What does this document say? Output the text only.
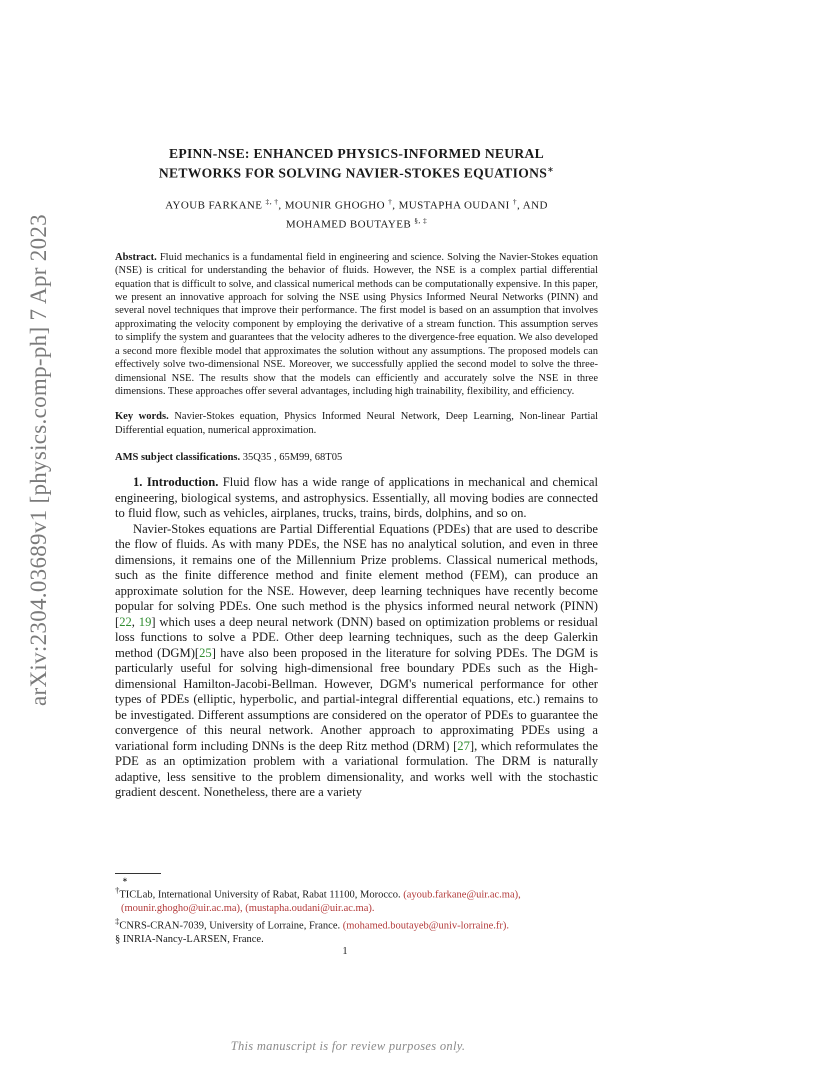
arXiv:2304.03689v1 [physics.comp-ph] 7 Apr 2023

EPINN-NSE: ENHANCED PHYSICS-INFORMED NEURAL
NETWORKS FOR SOLVING NAVIER-STOKES EQUATIONS∗

AYOUB FARKANE ‡, †, MOUNIR GHOGHO †, MUSTAPHA OUDANI †, AND
MOHAMED BOUTAYEB §, ‡

Abstract. Fluid mechanics is a fundamental field in engineering and science. Solving the Navier-Stokes equation (NSE) is critical for understanding the behavior of fluids. However, the NSE is a complex partial differential equation that is difficult to solve, and classical numerical methods can be computationally expensive. In this paper, we present an innovative approach for solving the NSE using Physics Informed Neural Networks (PINN) and several novel techniques that improve their performance. The first model is based on an assumption that involves approximating the velocity component by employing the derivative of a stream function. This assumption serves to simplify the system and guarantees that the velocity adheres to the divergence-free equation. We also developed a second more flexible model that approximates the solution without any assumptions. The proposed models can effectively solve two-dimensional NSE. Moreover, we successfully applied the second model to solve the three-dimensional NSE. The results show that the models can efficiently and accurately solve the NSE in three dimensions. These approaches offer several advantages, including high trainability, flexibility, and efficiency.

Key words. Navier-Stokes equation, Physics Informed Neural Network, Deep Learning, Non-linear Partial Differential equation, numerical approximation.

AMS subject classifications. 35Q35 , 65M99, 68T05

1. Introduction. Fluid flow has a wide range of applications in mechanical and chemical engineering, biological systems, and astrophysics. Essentially, all moving bodies are connected to fluid flow, such as vehicles, airplanes, trucks, trains, birds, dolphins, and so on.

Navier-Stokes equations are Partial Differential Equations (PDEs) that are used to describe the flow of fluids. As with many PDEs, the NSE has no analytical solution, and even in three dimensions, it remains one of the Millennium Prize problems. Classical numerical methods, such as the finite difference method and finite element method (FEM), can produce an approximate solution for the NSE. However, deep learning techniques have recently become popular for solving PDEs. One such method is the physics informed neural network (PINN) [22, 19] which uses a deep neural network (DNN) based on optimization problems or residual loss functions to solve a PDE. Other deep learning techniques, such as the deep Galerkin method (DGM)[25] have also been proposed in the literature for solving PDEs. The DGM is particularly useful for solving high-dimensional free boundary PDEs such as the High-dimensional Hamilton-Jacobi-Bellman. However, DGM's numerical performance for other types of PDEs (elliptic, hyperbolic, and partial-integral differential equations, etc.) remains to be investigated. Different assumptions are considered on the operator of PDEs to guarantee the convergence of this neural network. Another approach to approximating PDEs using a variational form including DNNs is the deep Ritz method (DRM) [27], which reformulates the PDE as an optimization problem with a variational formulation. The DRM is naturally adaptive, less sensitive to the problem dimensionality, and works well with the stochastic gradient descent. Nonetheless, there are a variety

∗

†TICLab, International University of Rabat, Rabat 11100, Morocco. (ayoub.farkane@uir.ac.ma),

(mounir.ghogho@uir.ac.ma), (mustapha.oudani@uir.ac.ma).

‡CNRS-CRAN-7039, University of Lorraine, France. (mohamed.boutayeb@univ-lorraine.fr).

§ INRIA-Nancy-LARSEN, France.

1
This manuscript is for review purposes only.
